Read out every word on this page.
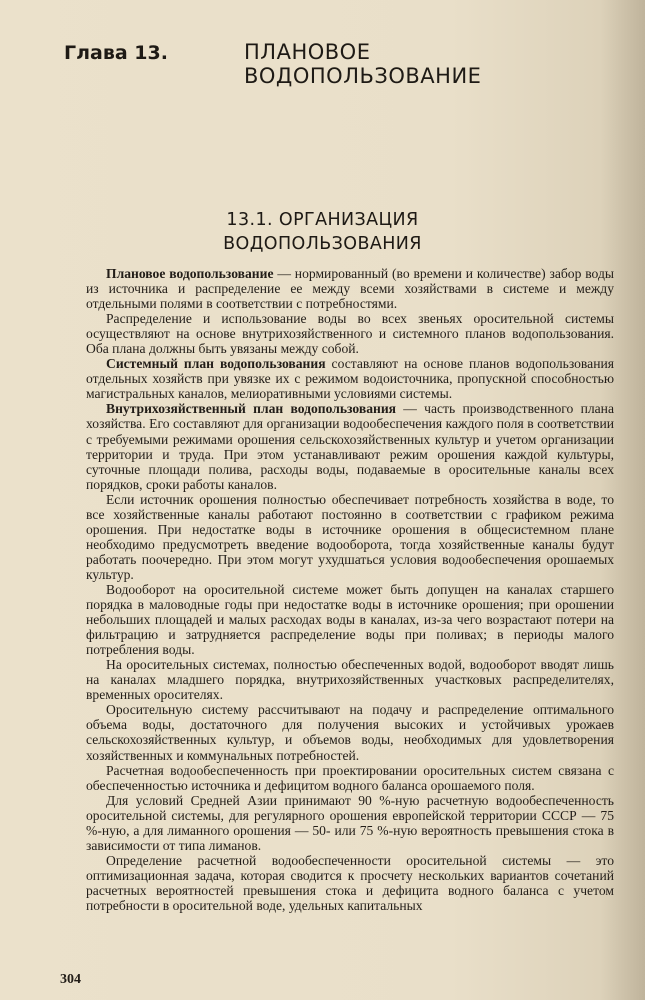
Глава 13.	ПЛАНОВОЕ ВОДОПОЛЬЗОВАНИЕ
13.1. ОРГАНИЗАЦИЯ
ВОДОПОЛЬЗОВАНИЯ

Плановое водопользование — нормированный (во времени и количестве) забор воды из источника и распределение ее между всеми хозяйствами в системе и между отдельными полями в соответствии с потребностями.

Распределение и использование воды во всех звеньях оросительной системы осуществляют на основе внутрихозяйственного и системного планов водопользования. Оба плана должны быть увязаны между собой.

Системный план водопользования составляют на основе планов водопользования отдельных хозяйств при увязке их с режимом водоисточника, пропускной способностью магистральных каналов, мелиоративными условиями системы.

Внутрихозяйственный план водопользования — часть производственного плана хозяйства. Его составляют для организации водообеспечения каждого поля в соответствии с требуемыми режимами орошения сельскохозяйственных культур и учетом организации территории и труда. При этом устанавливают режим орошения каждой культуры, суточные площади полива, расходы воды, подаваемые в оросительные каналы всех порядков, сроки работы каналов.

Если источник орошения полностью обеспечивает потребность хозяйства в воде, то все хозяйственные каналы работают постоянно в соответствии с графиком режима орошения. При недостатке воды в источнике орошения в общесистемном плане необходимо предусмотреть введение водооборота, тогда хозяйственные каналы будут работать поочередно. При этом могут ухудшаться условия водообеспечения орошаемых культур.

Водооборот на оросительной системе может быть допущен на каналах старшего порядка в маловодные годы при недостатке воды в источнике орошения; при орошении небольших площадей и малых расходах воды в каналах, из-за чего возрастают потери на фильтрацию и затрудняется распределение воды при поливах; в периоды малого потребления воды.

На оросительных системах, полностью обеспеченных водой, водооборот вводят лишь на каналах младшего порядка, внутрихозяйственных участковых распределителях, временных оросителях.

Оросительную систему рассчитывают на подачу и распределение оптимального объема воды, достаточного для получения высоких и устойчивых урожаев сельскохозяйственных культур, и объемов воды, необходимых для удовлетворения хозяйственных и коммунальных потребностей.

Расчетная водообеспеченность при проектировании оросительных систем связана с обеспеченностью источника и дефицитом водного баланса орошаемого поля.

Для условий Средней Азии принимают 90 %-ную расчетную водообеспеченность оросительной системы, для регулярного орошения европейской территории СССР — 75 %-ную, а для лиманного орошения — 50- или 75 %-ную вероятность превышения стока в зависимости от типа лиманов.

Определение расчетной водообеспеченности оросительной системы — это оптимизационная задача, которая сводится к просчету нескольких вариантов сочетаний расчетных вероятностей превышения стока и дефицита водного баланса с учетом потребности в оросительной воде, удельных капитальных

304
